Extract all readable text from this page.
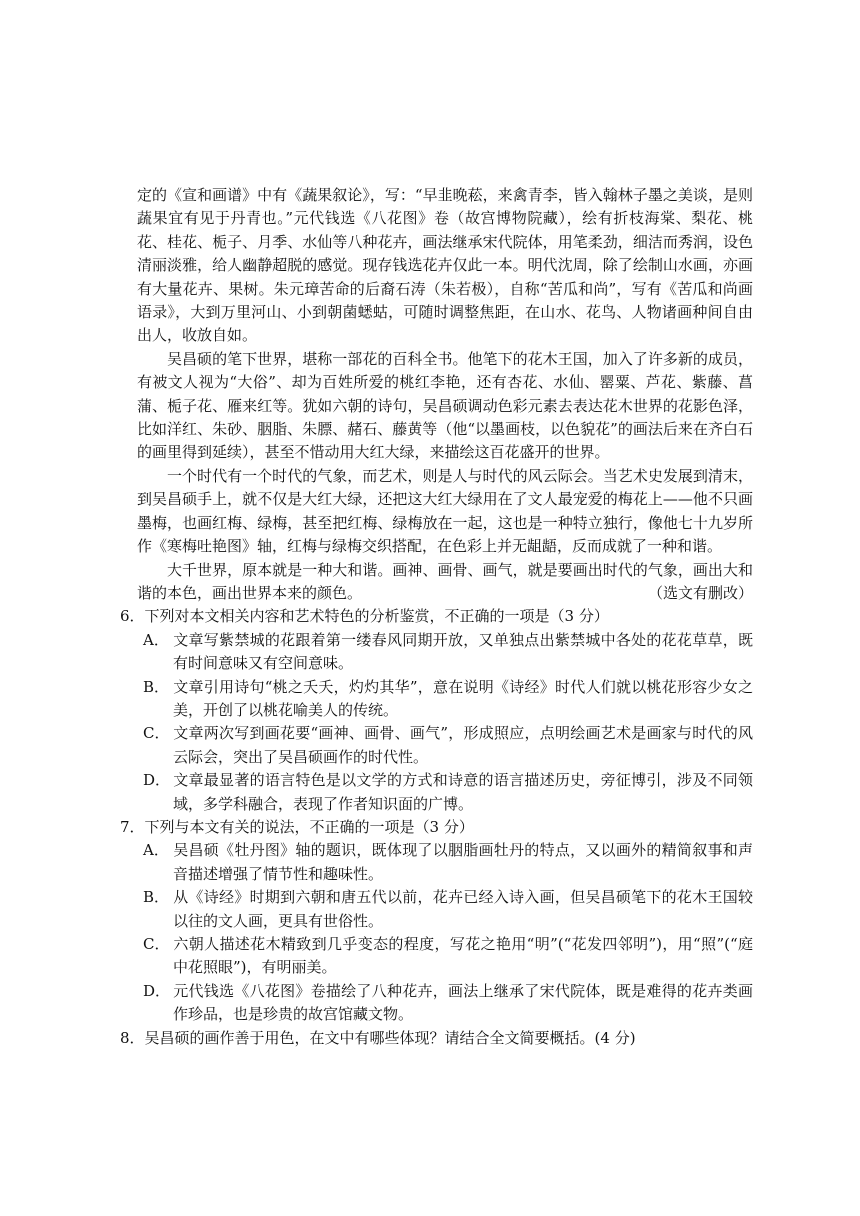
定的《宣和画谱》中有《蔬果叙论》，写：“早韭晚菘，来禽青李，皆入翰林子墨之美谈，是则蔬果宜有见于丹青也。”元代钱选《八花图》卷（故宫博物院藏），绘有折枝海棠、梨花、桃花、桂花、栀子、月季、水仙等八种花卉，画法继承宋代院体，用笔柔劲，细洁而秀润，设色清丽淡雅，给人幽静超脱的感觉。现存钱选花卉仅此一本。明代沈周，除了绘制山水画，亦画有大量花卉、果树。朱元璋苦命的后裔石涛（朱若极），自称“苦瓜和尚”，写有《苦瓜和尚画语录》，大到万里河山、小到朝菌蟋蛄，可随时调整焦距，在山水、花鸟、人物诸画种间自由出人，收放自如。

吴昌硕的笔下世界，堪称一部花的百科全书。他笔下的花木王国，加入了许多新的成员，有被文人视为“大俗”、却为百姓所爱的桃红李艳，还有杏花、水仙、罂粟、芦花、紫藤、菖蒲、栀子花、雁来红等。犹如六朝的诗句，吴昌硕调动色彩元素去表达花木世界的花影色泽，比如洋红、朱砂、胭脂、朱膘、赭石、藤黄等（他“以墨画枝，以色貌花”的画法后来在齐白石的画里得到延续），甚至不惜动用大红大绿，来描绘这百花盛开的世界。

一个时代有一个时代的气象，而艺术，则是人与时代的风云际会。当艺术史发展到清末，到吴昌硕手上，就不仅是大红大绿，还把这大红大绿用在了文人最宠爱的梅花上——他不只画墨梅，也画红梅、绿梅，甚至把红梅、绿梅放在一起，这也是一种特立独行，像他七十九岁所作《寒梅吐艳图》轴，红梅与绿梅交织搭配，在色彩上并无龃龉，反而成就了一种和谐。

大千世界，原本就是一种大和谐。画神、画骨、画气，就是要画出时代的气象，画出大和谐的本色，画出世界本来的颜色。	（选文有删改）

6．下列对本文相关内容和艺术特色的分析鉴赏，不正确的一项是（3 分）

A． 文章写紫禁城的花跟着第一缕春风同期开放，又单独点出紫禁城中各处的花花草草，既有时间意味又有空间意味。

B． 文章引用诗句“桃之夭夭，灼灼其华”，意在说明《诗经》时代人们就以桃花形容少女之美，开创了以桃花喻美人的传统。

C． 文章两次写到画花要“画神、画骨、画气”，形成照应，点明绘画艺术是画家与时代的风云际会，突出了吴昌硕画作的时代性。

D． 文章最显著的语言特色是以文学的方式和诗意的语言描述历史，旁征博引，涉及不同领域，多学科融合，表现了作者知识面的广博。

7．下列与本文有关的说法，不正确的一项是（3 分）

A． 吴昌硕《牡丹图》轴的题识，既体现了以胭脂画牡丹的特点，又以画外的精简叙事和声音描述增强了情节性和趣味性。

B． 从《诗经》时期到六朝和唐五代以前，花卉已经入诗入画，但吴昌硕笔下的花木王国较以往的文人画，更具有世俗性。

C． 六朝人描述花木精致到几乎变态的程度，写花之艳用“明”(“花发四邻明”)，用“照”(“庭中花照眼”)，有明丽美。

D． 元代钱选《八花图》卷描绘了八种花卉，画法上继承了宋代院体，既是难得的花卉类画作珍品，也是珍贵的故宫馆藏文物。

8．吴昌硕的画作善于用色，在文中有哪些体现？请结合全文简要概括。(4 分)
